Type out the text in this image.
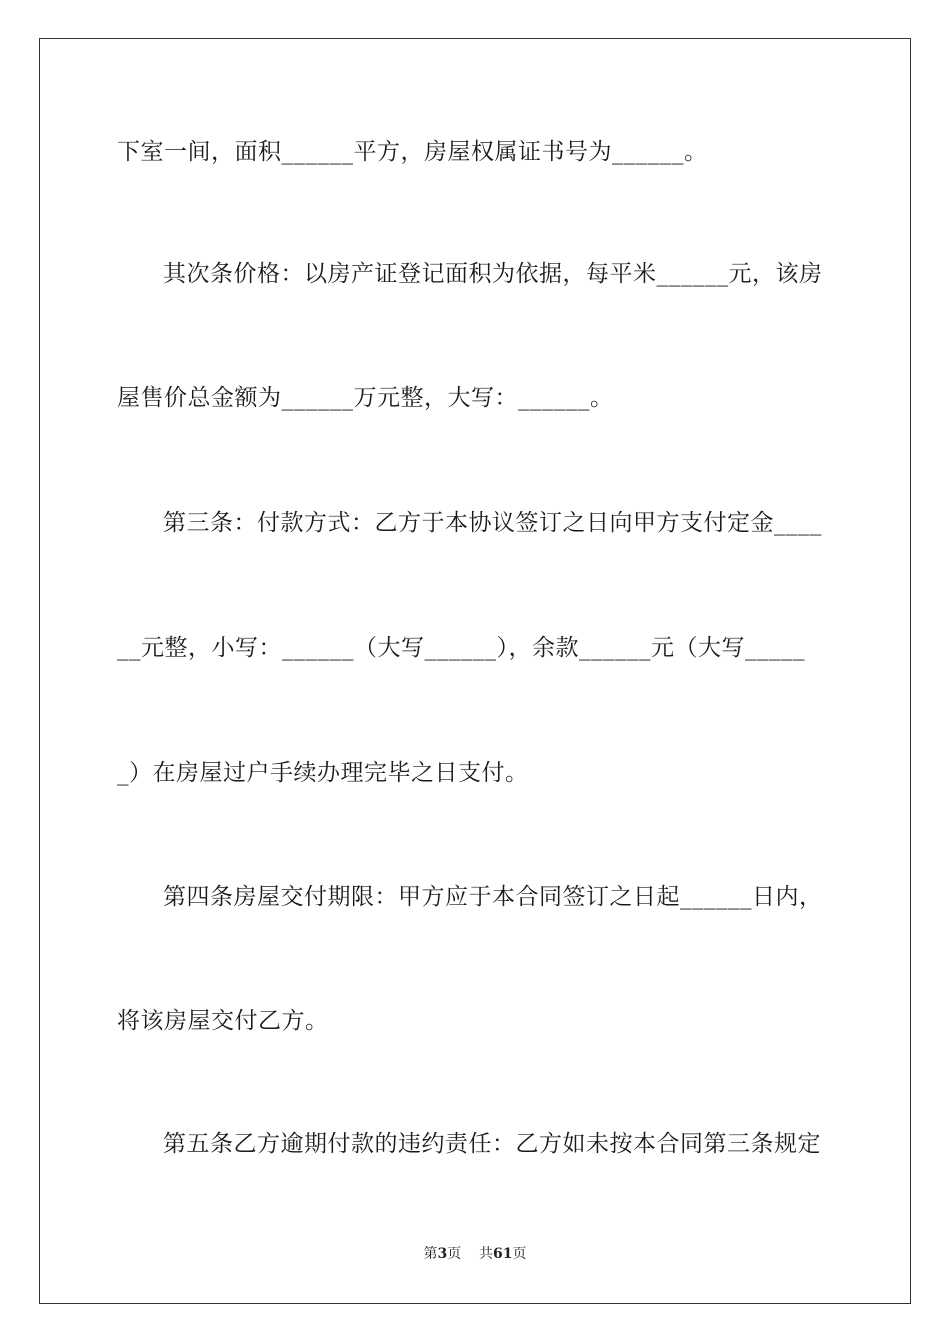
下室一间，面积______平方，房屋权属证书号为______。
其次条价格：以房产证登记面积为依据，每平米______元，该房
屋售价总金额为______万元整，大写：______。
第三条：付款方式：乙方于本协议签订之日向甲方支付定金____
__元整，小写：______（大写______），余款______元（大写_____
_）在房屋过户手续办理完毕之日支付。
第四条房屋交付期限：甲方应于本合同签订之日起______日内，
将该房屋交付乙方。
第五条乙方逾期付款的违约责任：乙方如未按本合同第三条规定
第3页 共61页
